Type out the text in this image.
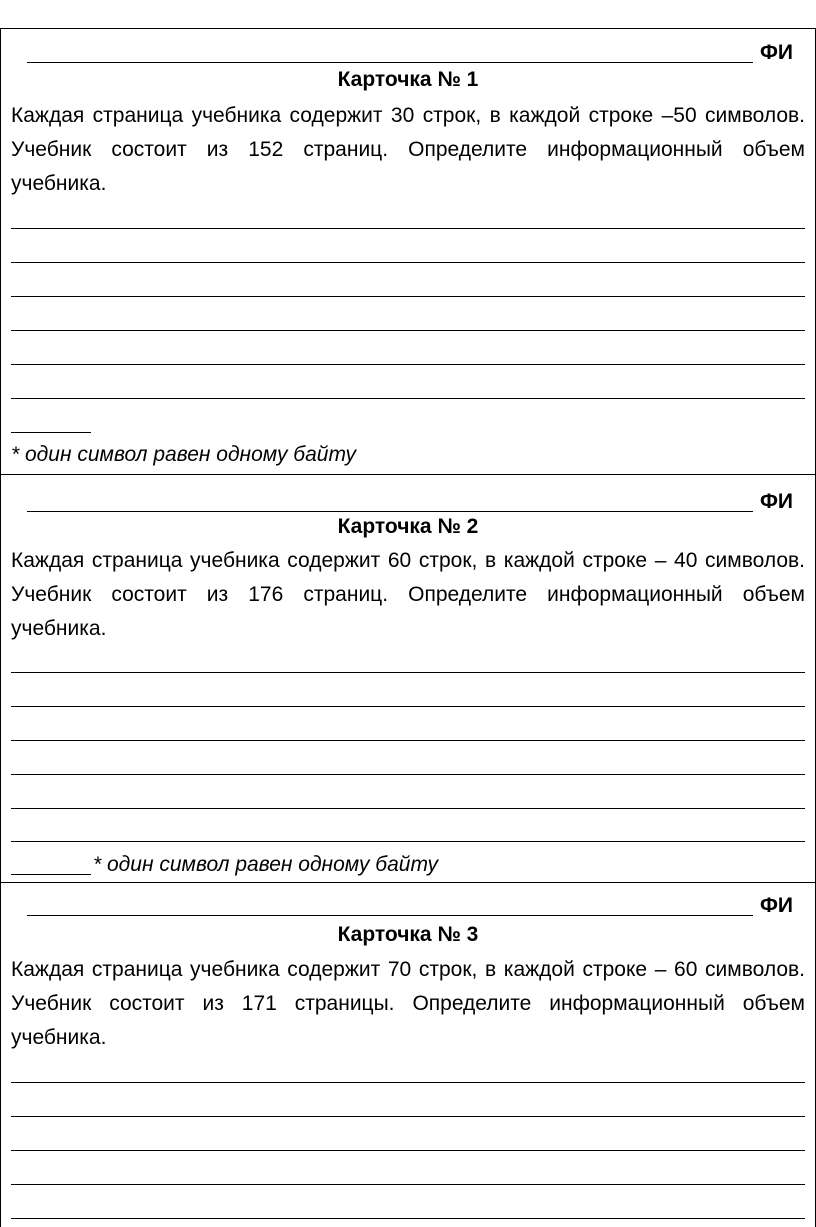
ФИ
Карточка № 1

Каждая страница учебника содержит 30 строк, в каждой строке –50 символов. Учебник состоит из 152 страниц. Определите информационный объем учебника.

* один символ равен одному байту
ФИ
Карточка № 2

Каждая страница учебника содержит 60 строк, в каждой строке – 40 символов. Учебник состоит из 176 страниц. Определите информационный объем учебника.

* один символ равен одному байту
ФИ
Карточка № 3

Каждая страница учебника содержит 70 строк, в каждой строке – 60 символов. Учебник состоит из 171 страницы. Определите информационный объем учебника.
